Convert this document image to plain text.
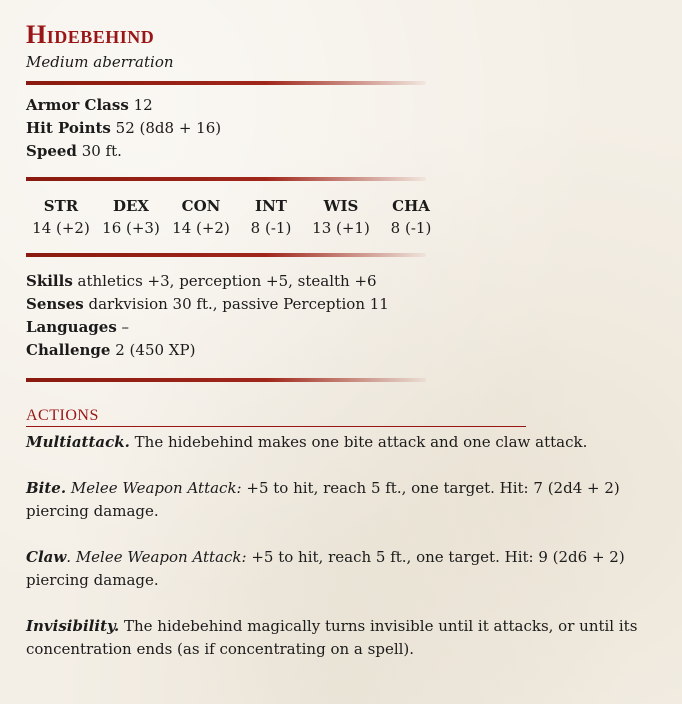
Hidebehind
Medium aberration
Armor Class 12
Hit Points 52 (8d8 + 16)
Speed 30 ft.
STR
14 (+2)
DEX
16 (+3)
CON
14 (+2)
INT
8 (-1)
WIS
13 (+1)
CHA
8 (-1)
Skills athletics +3, perception +5, stealth +6
Senses darkvision 30 ft., passive Perception 11
Languages –
Challenge 2 (450 XP)
ACTIONS
Multiattack. The hidebehind makes one bite attack and one claw attack.
Bite. Melee Weapon Attack: +5 to hit, reach 5 ft., one target. Hit: 7 (2d4 + 2) piercing damage.
Claw. Melee Weapon Attack: +5 to hit, reach 5 ft., one target. Hit: 9 (2d6 + 2) piercing damage.
Invisibility. The hidebehind magically turns invisible until it attacks, or until its concentration ends (as if concentrating on a spell).
